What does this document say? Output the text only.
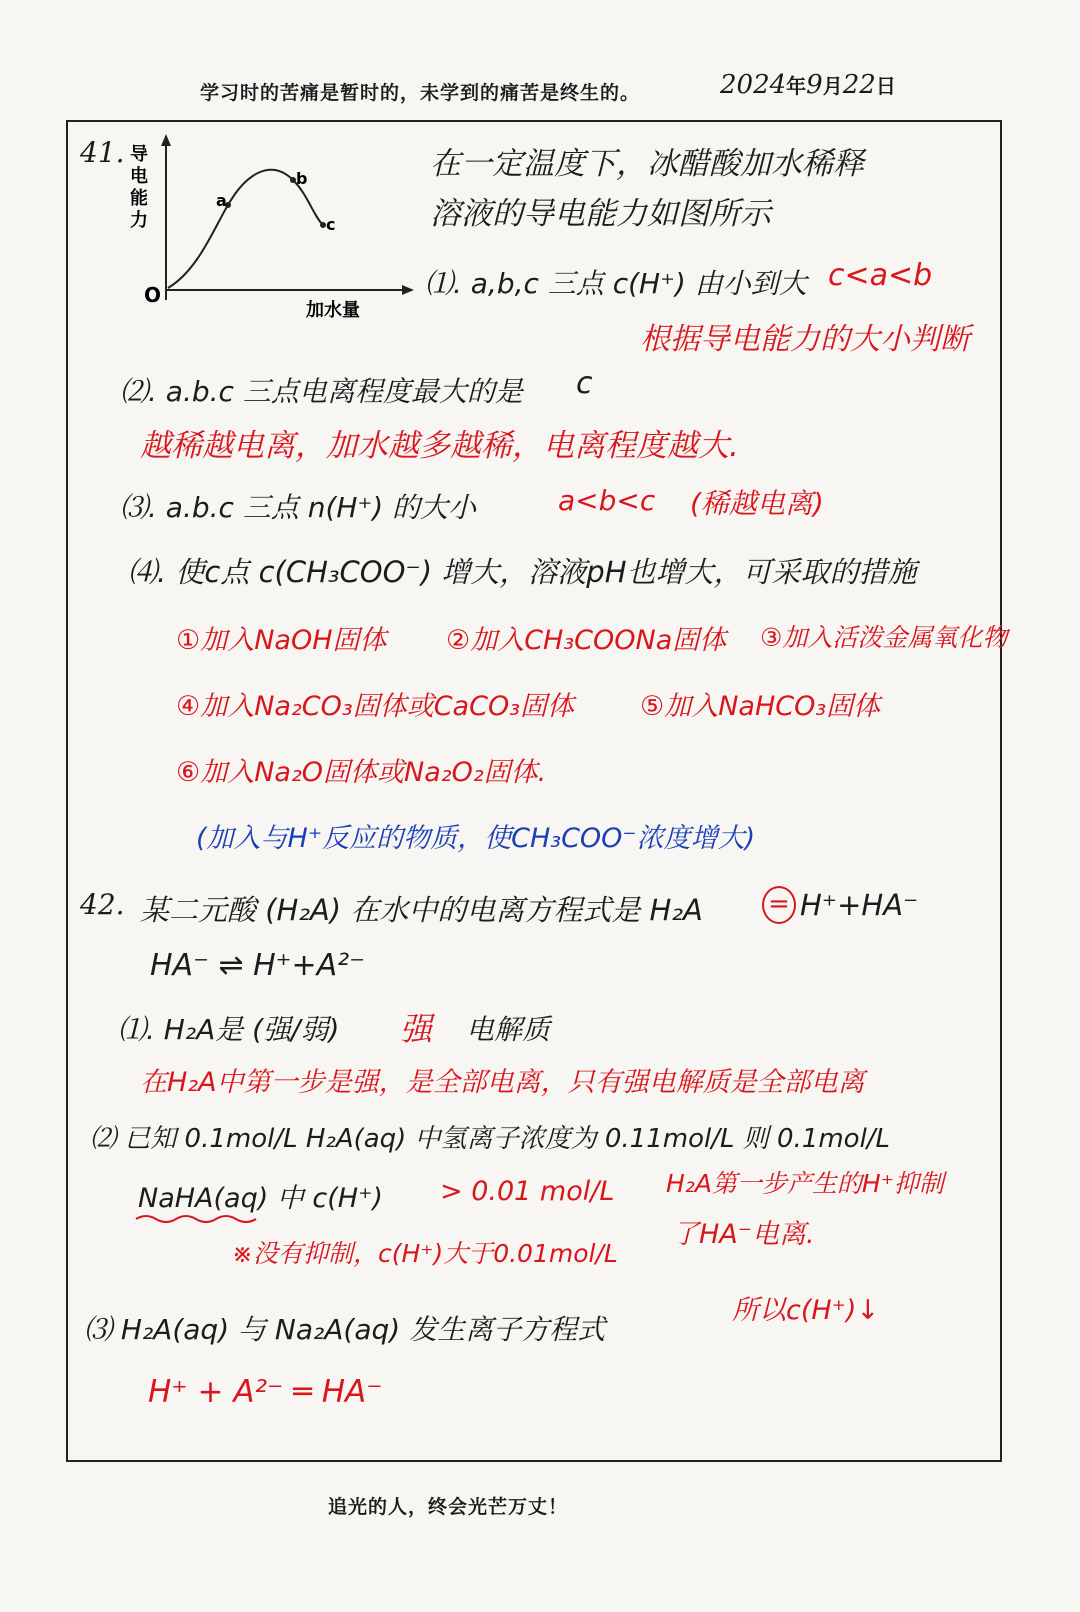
学习时的苦痛是暂时的，未学到的痛苦是终生的。	2024年9月22日
41. 导
电
能
力
O
a
b
c
加水量
在一定温度下，冰醋酸加水稀释
溶液的导电能力如图所示
⑴. a,b,c 三点 c(H⁺) 由小到大 c<a<b
根据导电能力的大小判断
⑵. a.b.c 三点电离程度最大的是 c
越稀越电离，加水越多越稀，电离程度越大.
⑶. a.b.c 三点 n(H⁺) 的大小	a<b<c (稀越电离)
⑷. 使c点 c(CH₃COO⁻) 增大，溶液pH也增大，可采取的措施
①加入NaOH固体 ②加入CH₃COONa固体 ③加入活泼金属氧化物
④加入Na₂CO₃固体或CaCO₃固体 ⑤加入NaHCO₃固体
⑥加入Na₂O固体或Na₂O₂固体.
(加入与H⁺反应的物质，使CH₃COO⁻浓度增大)
42. 某二元酸 (H₂A) 在水中的电离方程式是 H₂A	= H⁺+HA⁻
HA⁻ ⇌ H⁺+A²⁻
⑴. H₂A是 (强/弱) 强 电解质
在H₂A中第一步是强，是全部电离，只有强电解质是全部电离
⑵ 已知 0.1mol/L H₂A(aq) 中氢离子浓度为 0.11mol/L 则 0.1mol/L
NaHA(aq) 中 c(H⁺) > 0.01 mol/L H₂A第一步产生的H⁺抑制
了HA⁻电离.
※没有抑制，c(H⁺)大于0.01mol/L
所以c(H⁺)↓
⑶ H₂A(aq) 与 Na₂A(aq) 发生离子方程式
H⁺ + A²⁻ ═ HA⁻
追光的人，终会光芒万丈！
